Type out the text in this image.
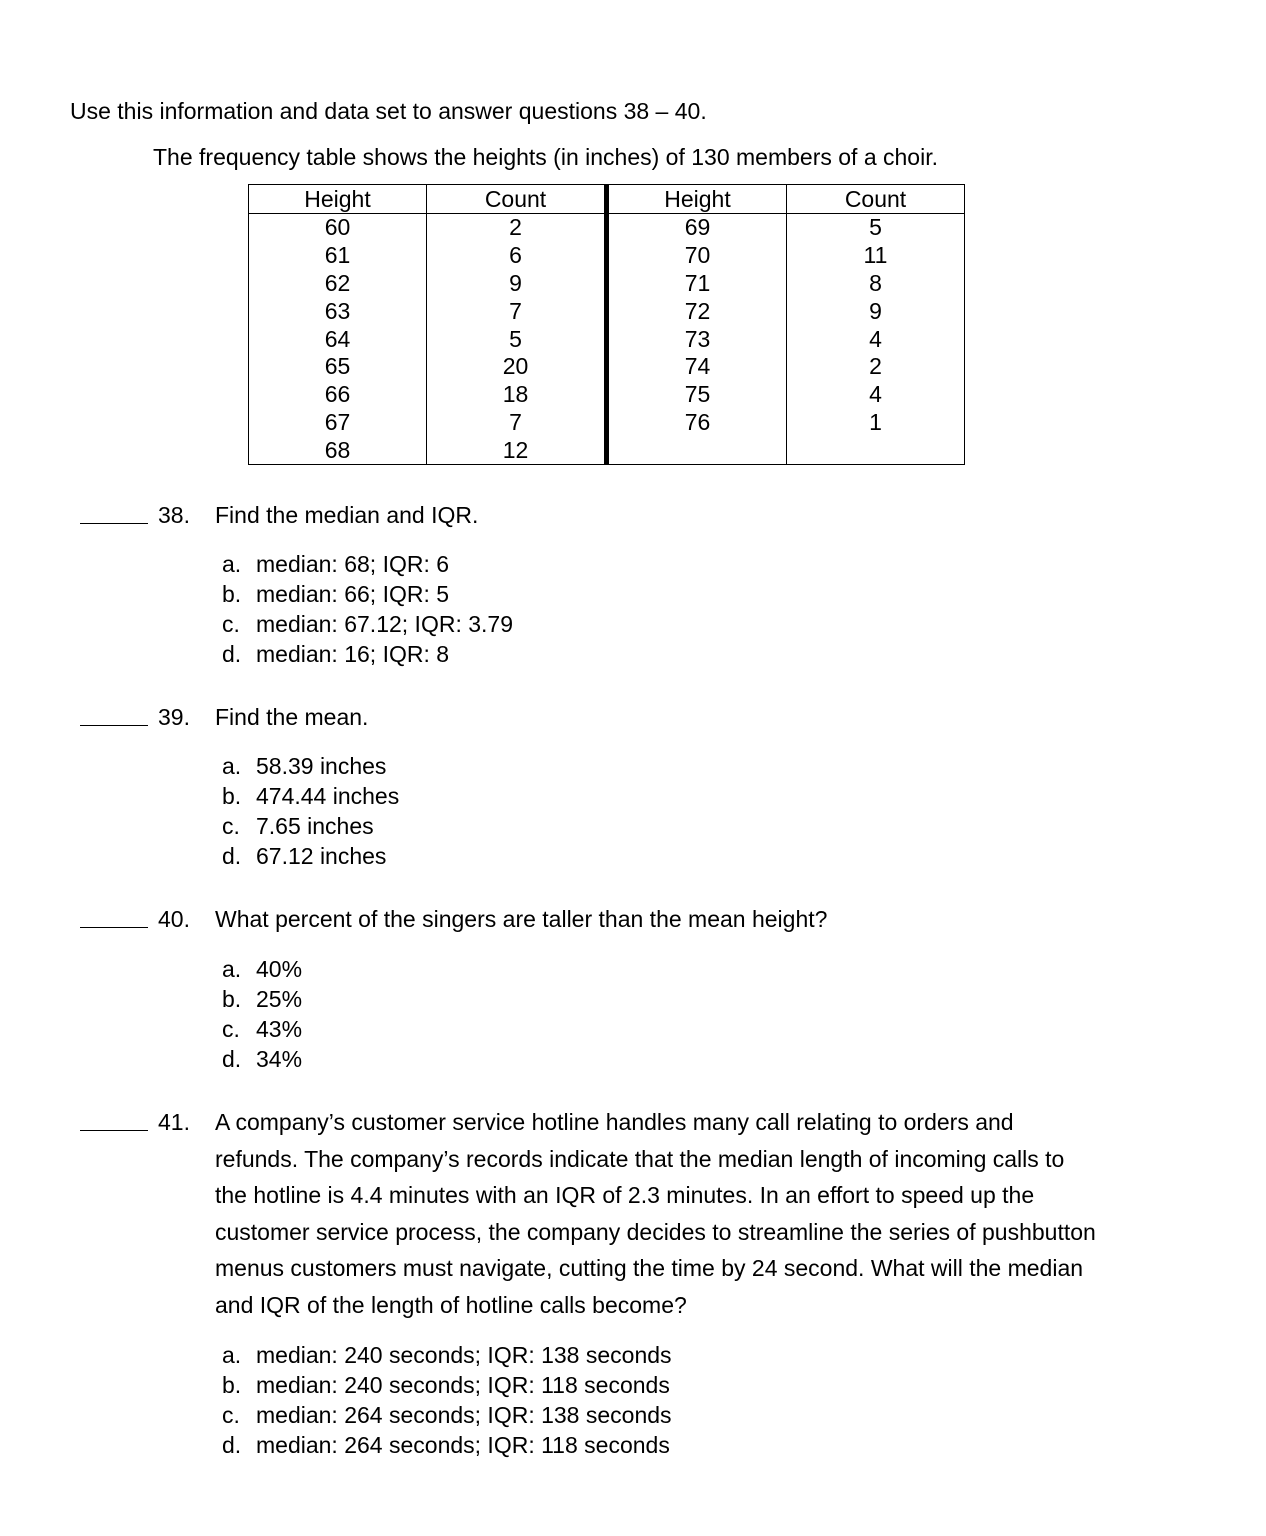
Use this information and data set to answer questions 38 – 40.
The frequency table shows the heights (in inches) of 130 members of a choir.
Height	Count	Height	Count
60	2	69	5
61	6	70	11
62	9	71	8
63	7	72	9
64	5	73	4
65	20	74	2
66	18	75	4
67	7	76	1
68	12		
38. Find the median and IQR.
a. median: 68; IQR: 6
b. median: 66; IQR: 5
c. median: 67.12; IQR: 3.79
d. median: 16; IQR: 8
39. Find the mean.
a. 58.39 inches
b. 474.44 inches
c. 7.65 inches
d. 67.12 inches
40. What percent of the singers are taller than the mean height?
a. 40%
b. 25%
c. 43%
d. 34%
41. A company’s customer service hotline handles many call relating to orders and
refunds. The company’s records indicate that the median length of incoming calls to
the hotline is 4.4 minutes with an IQR of 2.3 minutes. In an effort to speed up the
customer service process, the company decides to streamline the series of pushbutton
menus customers must navigate, cutting the time by 24 second. What will the median
and IQR of the length of hotline calls become?
a. median: 240 seconds; IQR: 138 seconds
b. median: 240 seconds; IQR: 118 seconds
c. median: 264 seconds; IQR: 138 seconds
d. median: 264 seconds; IQR: 118 seconds
